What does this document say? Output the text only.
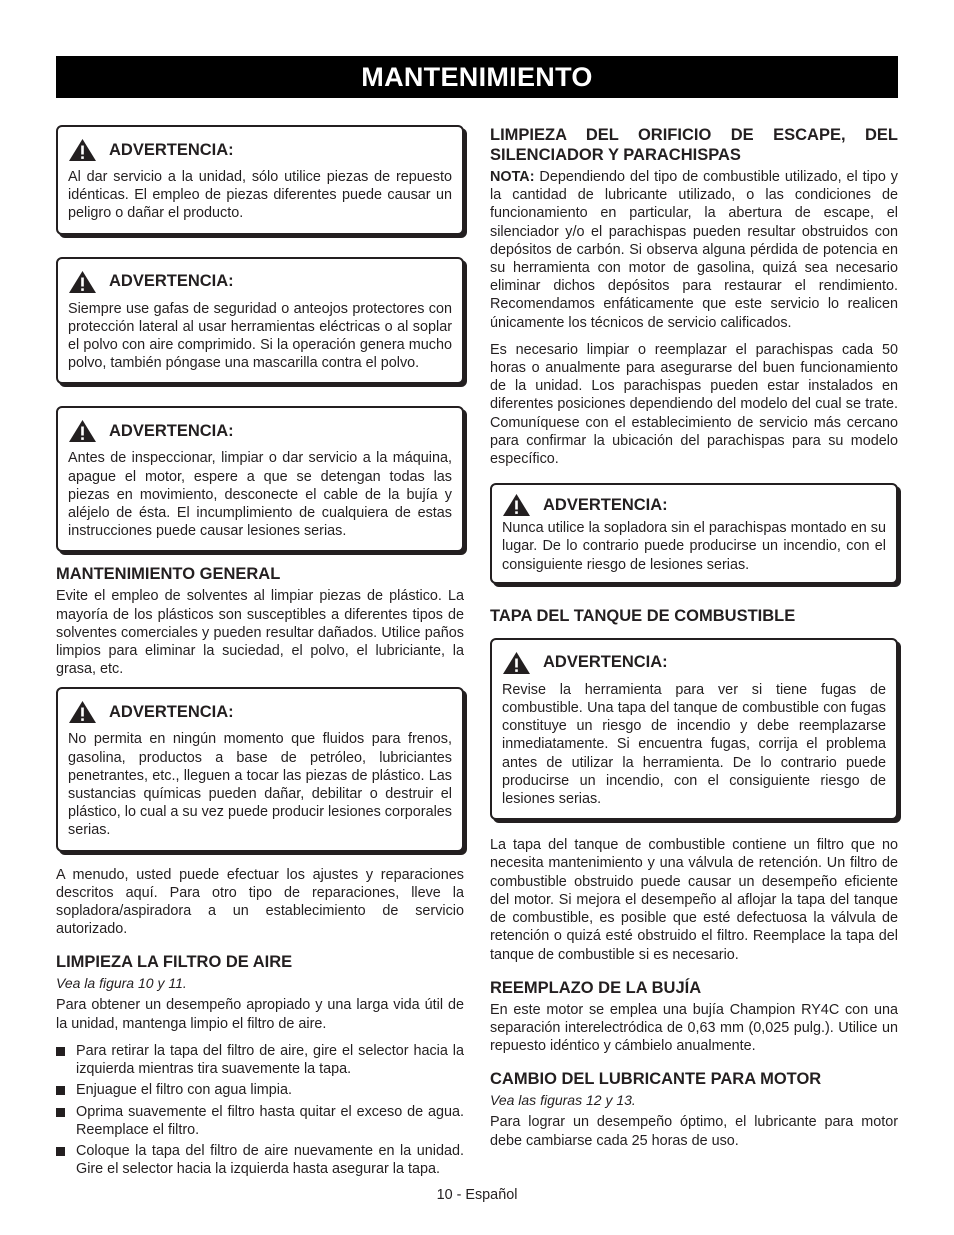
MANTENIMIENTO
ADVERTENCIA:

Al dar servicio a la unidad, sólo utilice piezas de repuesto idénticas. El empleo de piezas diferentes puede causar un peligro o dañar el producto.

ADVERTENCIA:

Siempre use gafas de seguridad o anteojos protectores con protección lateral al usar herramientas eléctricas o al soplar el polvo con aire comprimido. Si la operación genera mucho polvo, también póngase una mascarilla contra el polvo.

ADVERTENCIA:

Antes de inspeccionar, limpiar o dar servicio a la máquina, apague el motor, espere a que se detengan todas las piezas en movimiento, desconecte el cable de la bujía y aléjelo de ésta. El incumplimiento de cualquiera de estas instrucciones puede causar lesiones serias.

MANTENIMIENTO GENERAL

Evite el empleo de solventes al limpiar piezas de plástico. La mayoría de los plásticos son susceptibles a diferentes tipos de solventes comerciales y pueden resultar dañados. Utilice paños limpios para eliminar la suciedad, el polvo, el lubriciante, la grasa, etc.

ADVERTENCIA:

No permita en ningún momento que fluidos para frenos, gasolina, productos a base de petróleo, lubriciantes penetrantes, etc., lleguen a tocar las piezas de plástico. Las sustancias químicas pueden dañar, debilitar o destruir el plástico, lo cual a su vez puede producir lesiones corporales serias.

A menudo, usted puede efectuar los ajustes y reparaciones descritos aquí. Para otro tipo de reparaciones, lleve la sopladora/aspiradora a un establecimiento de servicio autorizado.

LIMPIEZA LA FILTRO DE AIRE
Vea la figura 10 y 11.

Para obtener un desempeño apropiado y una larga vida útil de la unidad, mantenga limpio el filtro de aire.

Para retirar la tapa del filtro de aire, gire el selector hacia la izquierda mientras tira suavemente la tapa.
Enjuague el filtro con agua limpia.
Oprima suavemente el filtro hasta quitar el exceso de agua. Reemplace el filtro.
Coloque la tapa del filtro de aire nuevamente en la unidad. Gire el selector hacia la izquierda hasta asegurar la tapa.
LIMPIEZA DEL ORIFICIO DE ESCAPE, DEL SILENCIADOR Y PARACHISPAS

NOTA: Dependiendo del tipo de combustible utilizado, el tipo y la cantidad de lubricante utilizado, o las condiciones de funcionamiento en particular, la abertura de escape, el silenciador y/o el parachispas pueden resultar obstruidos con depósitos de carbón. Si observa alguna pérdida de potencia en su herramienta con motor de gasolina, quizá sea necesario eliminar dichos depósitos para restaurar el rendimiento. Recomendamos enfáticamente que este servicio lo realicen únicamente los técnicos de servicio calificados.

Es necesario limpiar o reemplazar el parachispas cada 50 horas o anualmente para asegurarse del buen funcionamiento de la unidad. Los parachispas pueden estar instalados en diferentes posiciones dependiendo del modelo del cual se trate. Comuníquese con el establecimiento de servicio más cercano para confirmar la ubicación del parachispas para su modelo específico.

ADVERTENCIA:

Nunca utilice la sopladora sin el parachispas montado en su lugar. De lo contrario puede producirse un incendio, con el consiguiente riesgo de lesiones serias.

TAPA DEL TANQUE DE COMBUSTIBLE
ADVERTENCIA:

Revise la herramienta para ver si tiene fugas de combustible. Una tapa del tanque de combustible con fugas constituye un riesgo de incendio y debe reemplazarse inmediatamente. Si encuentra fugas, corrija el problema antes de utilizar la herramienta. De lo contrario puede producirse un incendio, con el consiguiente riesgo de lesiones serias.

La tapa del tanque de combustible contiene un filtro que no necesita mantenimiento y una válvula de retención. Un filtro de combustible obstruido puede causar un desempeño eficiente del motor. Si mejora el desempeño al aflojar la tapa del tanque de combustible, es posible que esté defectuosa la válvula de retención o quizá esté obstruido el filtro. Reemplace la tapa del tanque de combustible si es necesario.

REEMPLAZO DE LA BUJÍA

En este motor se emplea una bujía Champion RY4C con una separación interelectródica de 0,63 mm (0,025 pulg.). Utilice un repuesto idéntico y cámbielo anualmente.

CAMBIO DEL LUBRICANTE PARA MOTOR
Vea las figuras 12 y 13.

Para lograr un desempeño óptimo, el lubricante para motor debe cambiarse cada 25 horas de uso.

10 - Español
